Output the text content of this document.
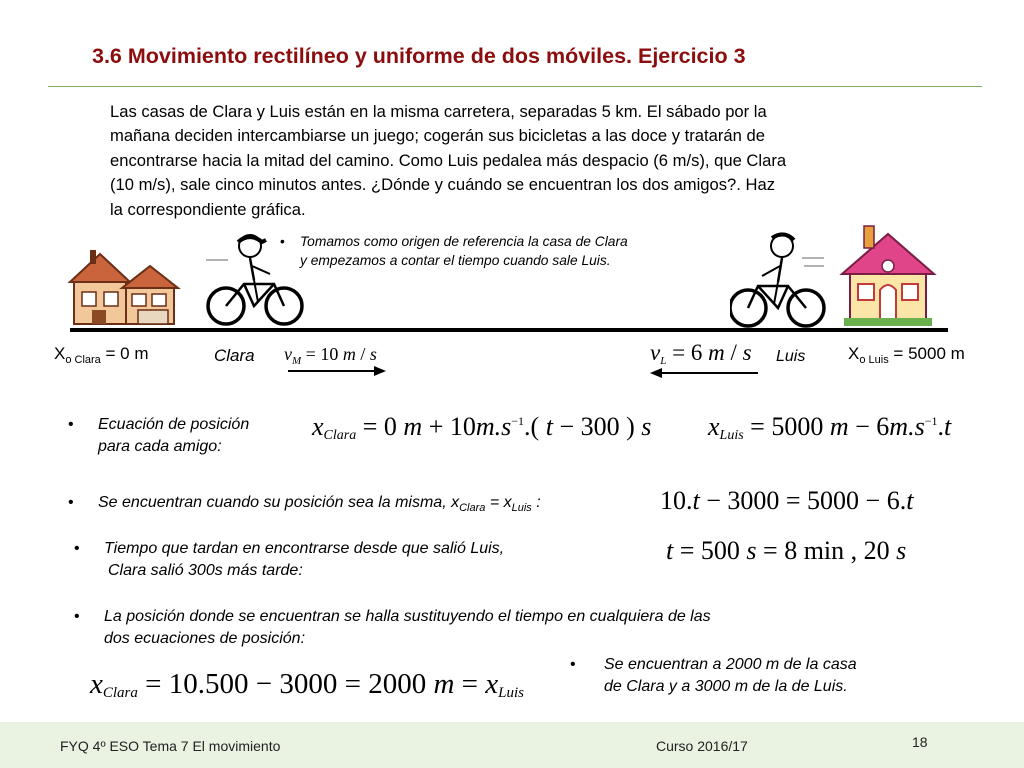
3.6 Movimiento rectilíneo y uniforme de dos móviles. Ejercicio 3
Las casas de Clara y Luis están en la misma carretera, separadas 5 km. El sábado por la
mañana deciden intercambiarse un juego; cogerán sus bicicletas a las doce y tratarán de
encontrarse hacia la mitad del camino. Como Luis pedalea más despacio (6 m/s), que Clara
(10 m/s), sale cinco minutos antes. ¿Dónde y cuándo se encuentran los dos amigos?. Haz
la correspondiente gráfica.
• Tomamos como origen de referencia la casa de Clara
y empezamos a contar el tiempo cuando sale Luis.
$X_{o Clara} = 0$ m	Clara $v_M = 10$ m / s	$v_L = 6$ m / s Luis	$X_{o Luis} = 5000$ m
• Ecuación de posición
para cada amigo:
$x_{Clara} = 0$ $m + 10m.s^{-1}$.( t − 300 ) s $x_{Luis} = 5000$ $m - 6m.s^{-1}.t$
• Se encuentran cuando su posición sea la misma, $x_{Clara} = x_{Luis}$ :	10.t − 3000 = 5000 − 6.t
• Tiempo que tardan en encontrarse desde que salió Luis,
Clara salió 300s más tarde:
t = 500 s = 8 min , 20 s
• La posición donde se encuentran se halla sustituyendo el tiempo en cualquiera de las
dos ecuaciones de posición:
$x_{Clara} = 10.500 - 3000 = 2000$ $m = x_{Luis}$
• Se encuentran a 2000 m de la casa
de Clara y a 3000 m de la de Luis.
FYQ 4º ESO Tema 7 El movimiento	Curso 2016/17	18
